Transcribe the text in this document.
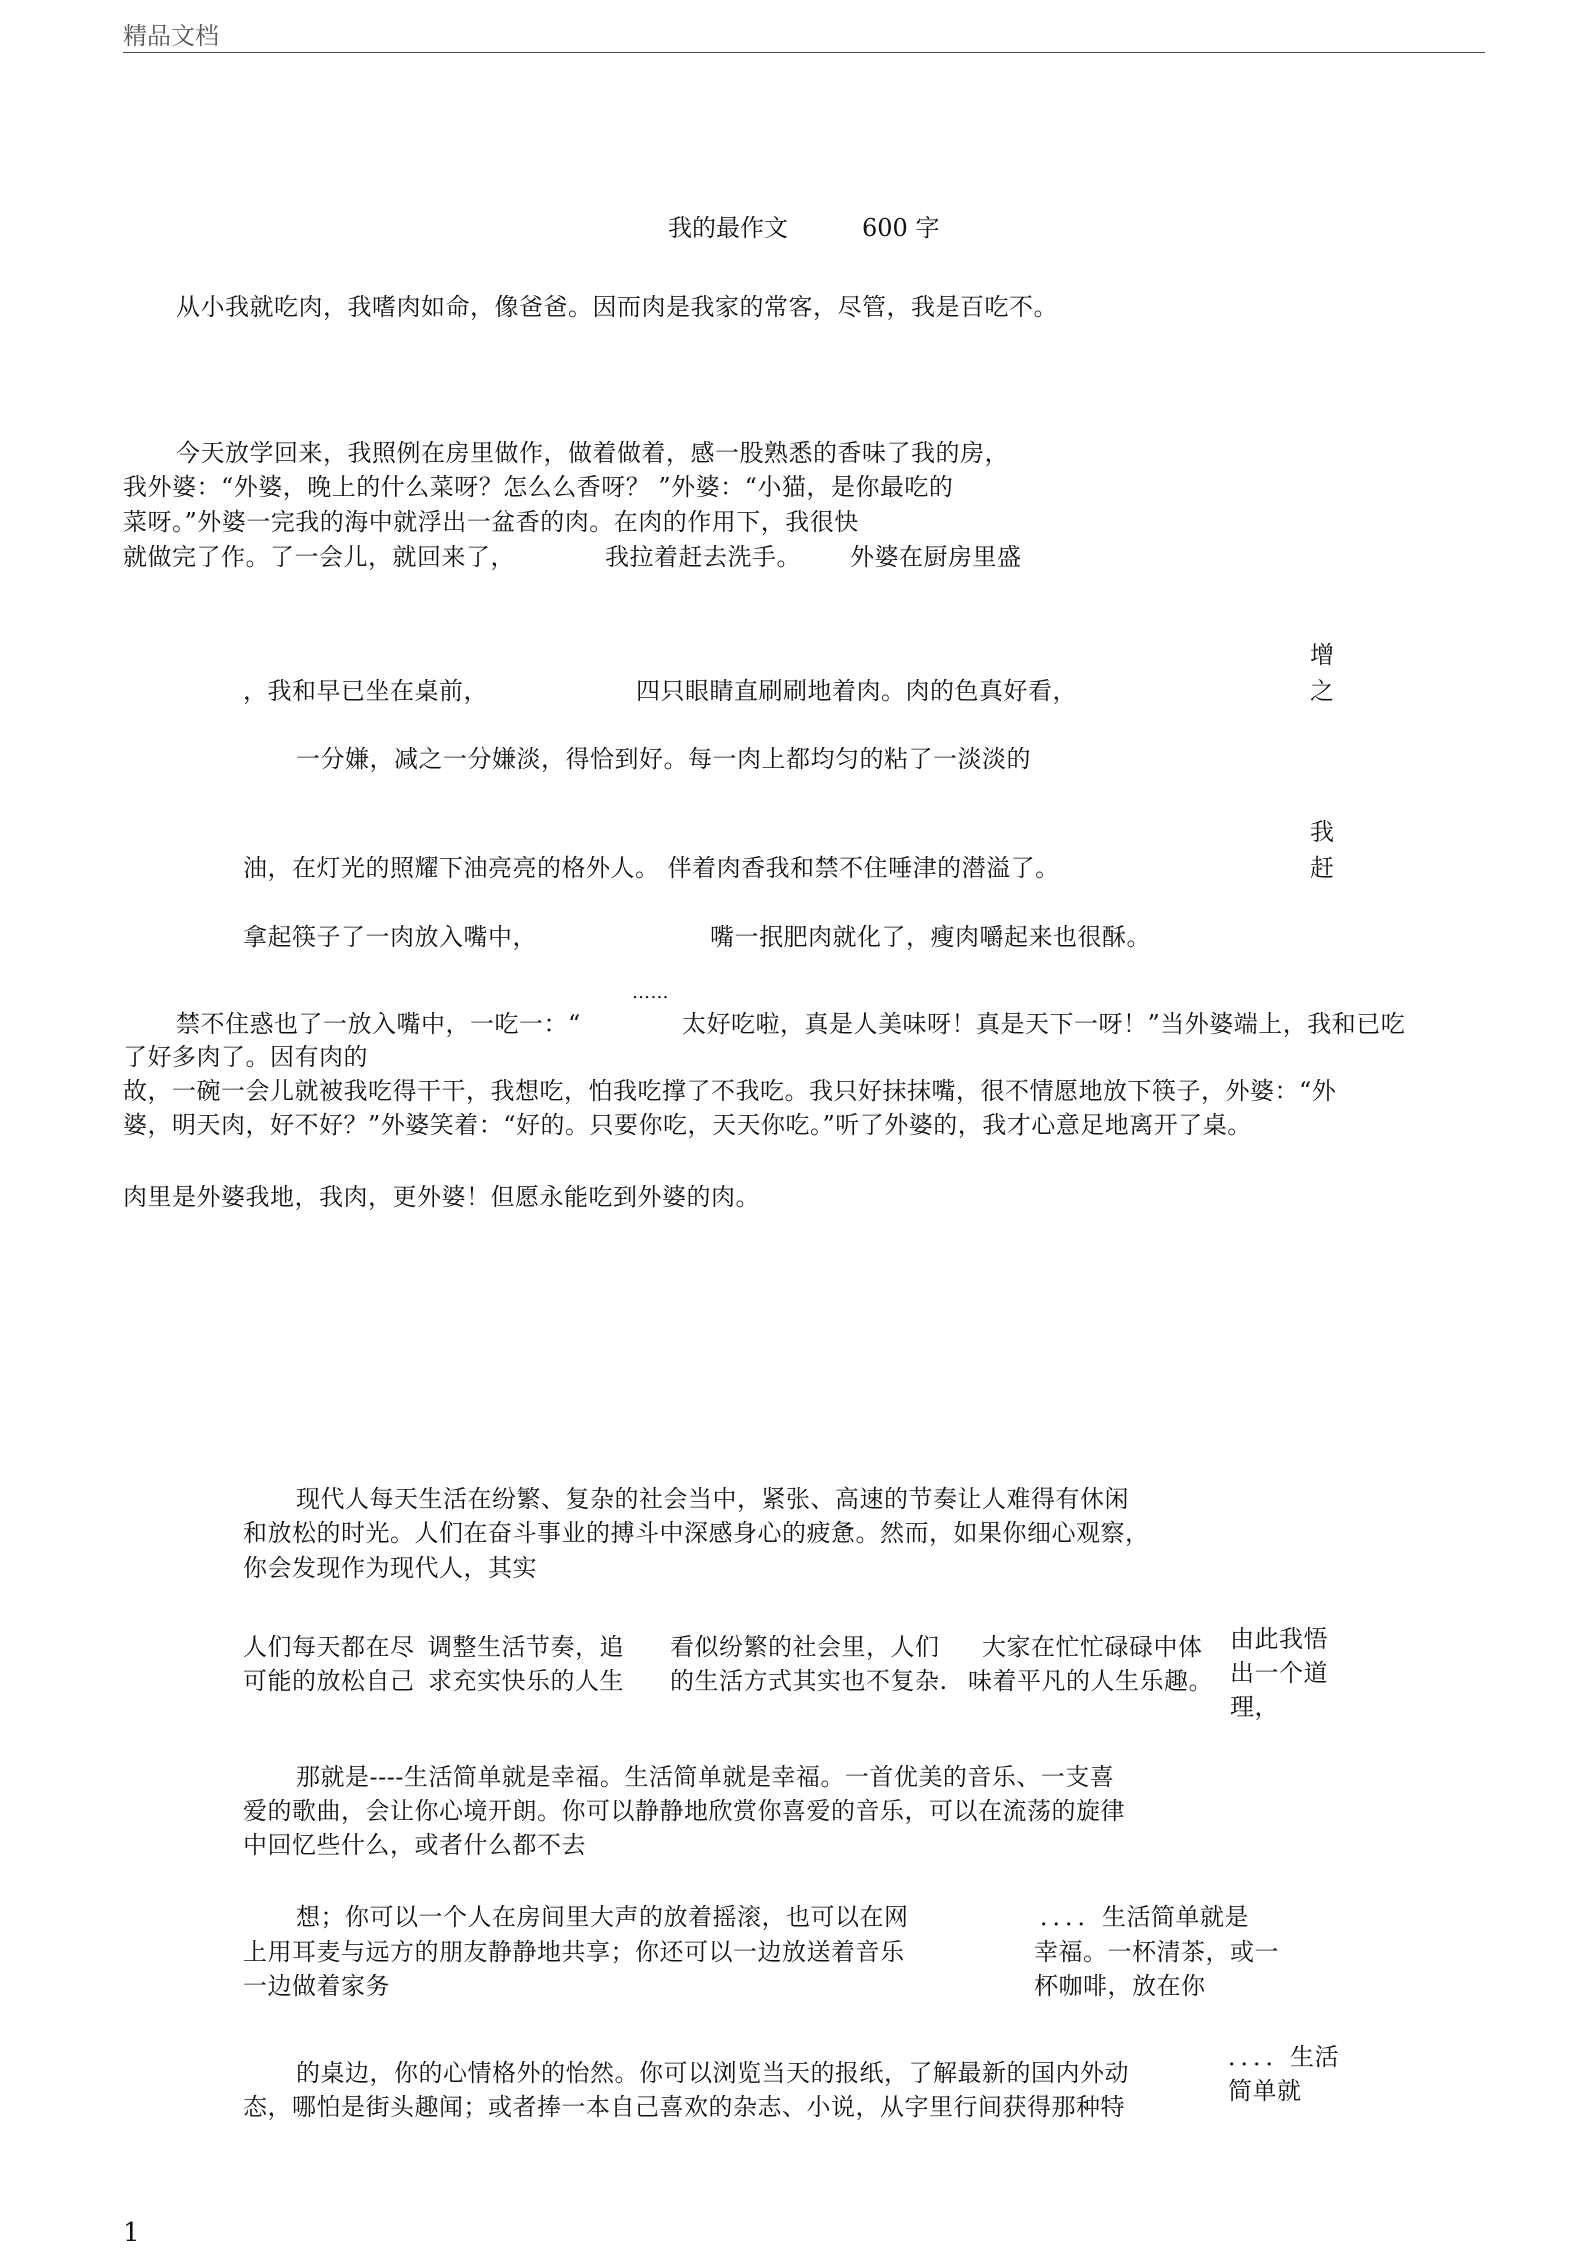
精品文档
我的最作文	600 字
从小我就吃肉，我嗜肉如命，像爸爸。因而肉是我家的常客，尽管，我是百吃不。
今天放学回来，我照例在房里做作，做着做着，感一股熟悉的香味了我的房，
我外婆：“外婆，晚上的什么菜呀？怎么么香呀？ ”外婆：“小猫，是你最吃的
菜呀。”外婆一完我的海中就浮出一盆香的肉。在肉的作用下，我很快
就做完了作。了一会儿，就回来了，	我拉着赶去洗手。 外婆在厨房里盛
增
之
，我和早已坐在桌前，	四只眼睛直刷刷地着肉。肉的色真好看，
一分嫌，减之一分嫌淡，得恰到好。每一肉上都均匀的粘了一淡淡的
我
赶
油，在灯光的照耀下油亮亮的格外人。 伴着肉香我和禁不住唾津的潜溢了。
拿起筷子了一肉放入嘴中，	嘴一抿肥肉就化了，瘦肉嚼起来也很酥。
……
禁不住惑也了一放入嘴中，一吃一：“	太好吃啦，真是人美味呀！真是天下一呀！”当外婆端上，我和已吃
了好多肉了。因有肉的
故，一碗一会儿就被我吃得干干，我想吃，怕我吃撑了不我吃。我只好抹抹嘴，很不情愿地放下筷子，外婆：“外
婆，明天肉，好不好？”外婆笑着：“好的。只要你吃，天天你吃。”听了外婆的，我才心意足地离开了桌。
肉里是外婆我地，我肉，更外婆！但愿永能吃到外婆的肉。
现代人每天生活在纷繁、复杂的社会当中，紧张、高速的节奏让人难得有休闲
和放松的时光。人们在奋斗事业的搏斗中深感身心的疲惫。然而，如果你细心观察，
你会发现作为现代人，其实
人们每天都在尽
可能的放松自己
调整生活节奏，追
求充实快乐的人生
看似纷繁的社会里，人们
的生活方式其实也不复杂.
大家在忙忙碌碌中体
味着平凡的人生乐趣。
由此我悟
出一个道
理，
那就是----生活简单就是幸福。生活简单就是幸福。一首优美的音乐、一支喜
爱的歌曲，会让你心境开朗。你可以静静地欣赏你喜爱的音乐，可以在流荡的旋律
中回忆些什么，或者什么都不去
想；你可以一个人在房间里大声的放着摇滚，也可以在网
上用耳麦与远方的朋友静静地共享；你还可以一边放送着音乐
一边做着家务
．．．．生活简单就是
幸福。一杯清茶，或一
杯咖啡，放在你
的桌边，你的心情格外的怡然。你可以浏览当天的报纸，了解最新的国内外动
态，哪怕是街头趣闻；或者捧一本自己喜欢的杂志、小说，从字里行间获得那种特
．．．．生活
简单就
1
